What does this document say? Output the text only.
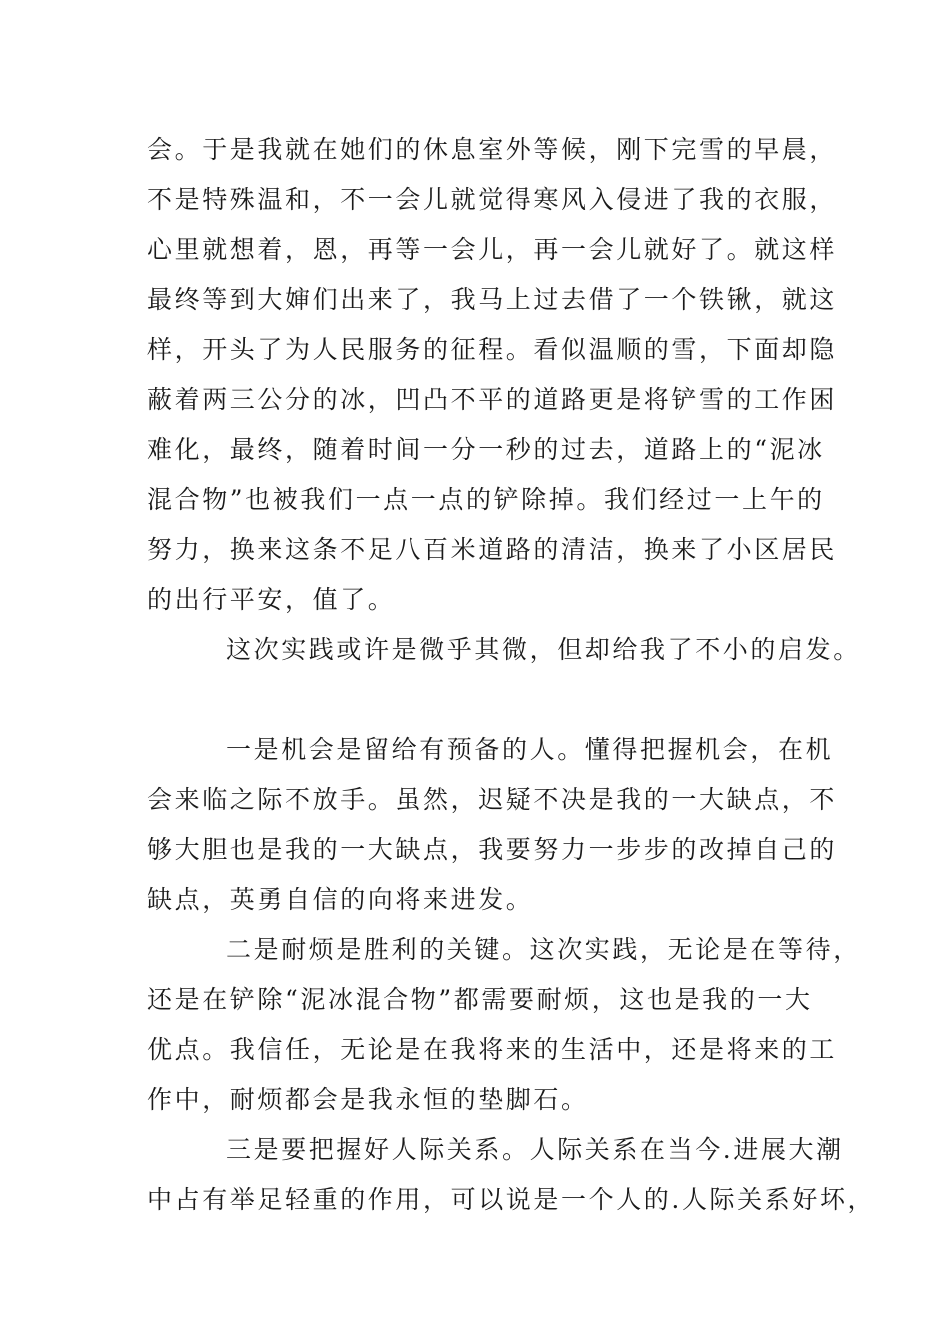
会。于是我就在她们的休息室外等候，刚下完雪的早晨，
不是特殊温和，不一会儿就觉得寒风入侵进了我的衣服，
心里就想着，恩，再等一会儿，再一会儿就好了。就这样
最终等到大婶们出来了，我马上过去借了一个铁锹，就这
样，开头了为人民服务的征程。看似温顺的雪，下面却隐
蔽着两三公分的冰，凹凸不平的道路更是将铲雪的工作困
难化，最终，随着时间一分一秒的过去，道路上的“泥冰
混合物”也被我们一点一点的铲除掉。我们经过一上午的
努力，换来这条不足八百米道路的清洁，换来了小区居民
的出行平安，值了。
这次实践或许是微乎其微，但却给我了不小的启发。
一是机会是留给有预备的人。懂得把握机会，在机
会来临之际不放手。虽然，迟疑不决是我的一大缺点，不
够大胆也是我的一大缺点，我要努力一步步的改掉自己的
缺点，英勇自信的向将来进发。
二是耐烦是胜利的关键。这次实践，无论是在等待，
还是在铲除“泥冰混合物”都需要耐烦，这也是我的一大
优点。我信任，无论是在我将来的生活中，还是将来的工
作中，耐烦都会是我永恒的垫脚石。
三是要把握好人际关系。人际关系在当今.进展大潮
中占有举足轻重的作用，可以说是一个人的.人际关系好坏，
